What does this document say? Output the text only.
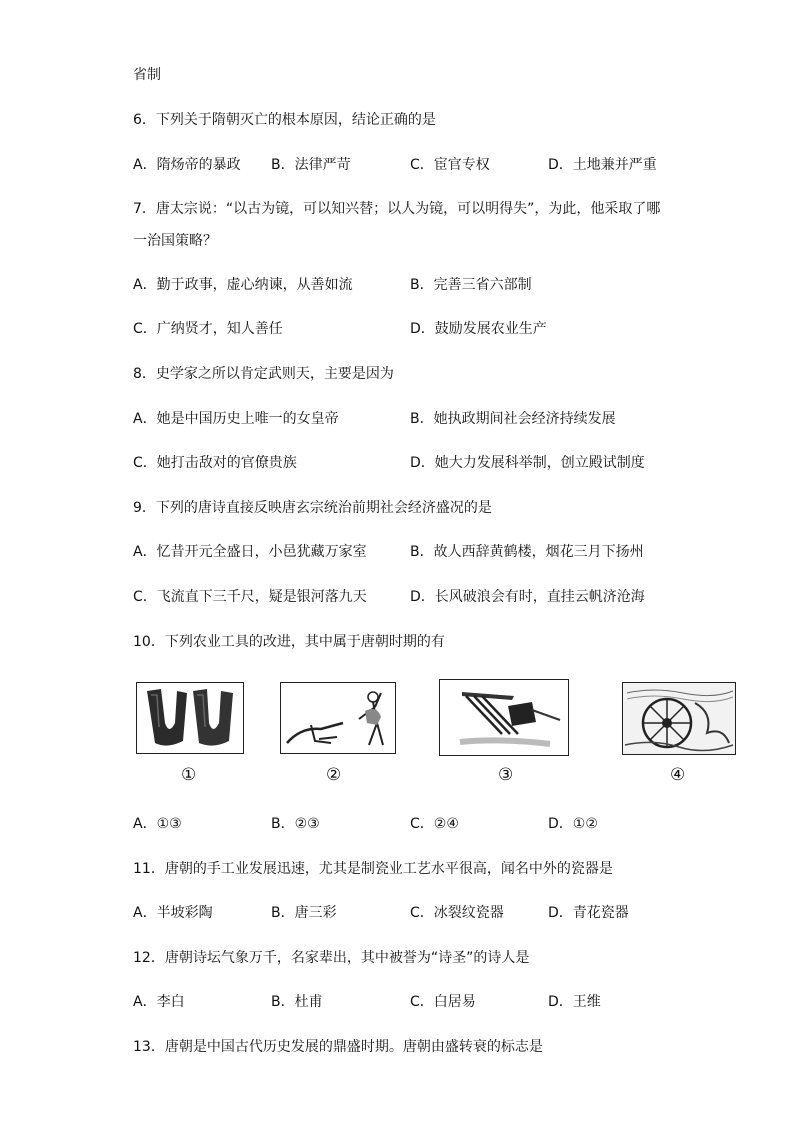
省制
6．下列关于隋朝灭亡的根本原因，结论正确的是
A．隋炀帝的暴政 B．法律严苛	C．宦官专权	D．土地兼并严重
7．唐太宗说：“以古为镜，可以知兴替；以人为镜，可以明得失”，为此，他采取了哪
一治国策略？
A．勤于政事，虚心纳谏，从善如流	B．完善三省六部制
C．广纳贤才，知人善任	D．鼓励发展农业生产
8．史学家之所以肯定武则天，主要是因为
A．她是中国历史上唯一的女皇帝	B．她执政期间社会经济持续发展
C．她打击敌对的官僚贵族	D．她大力发展科举制，创立殿试制度
9．下列的唐诗直接反映唐玄宗统治前期社会经济盛况的是
A．忆昔开元全盛日，小邑犹藏万家室	B．故人西辞黄鹤楼，烟花三月下扬州
C．飞流直下三千尺，疑是银河落九天	D．长风破浪会有时，直挂云帆济沧海
10．下列农业工具的改进，其中属于唐朝时期的有
①	②	③	④
A．①③	B．②③	C．②④	D．①②
11．唐朝的手工业发展迅速，尤其是制瓷业工艺水平很高，闻名中外的瓷器是
A．半坡彩陶	B．唐三彩	C．冰裂纹瓷器	D．青花瓷器
12．唐朝诗坛气象万千，名家辈出，其中被誉为“诗圣”的诗人是
A．李白	B．杜甫	C．白居易	D．王维
13．唐朝是中国古代历史发展的鼎盛时期。唐朝由盛转衰的标志是
